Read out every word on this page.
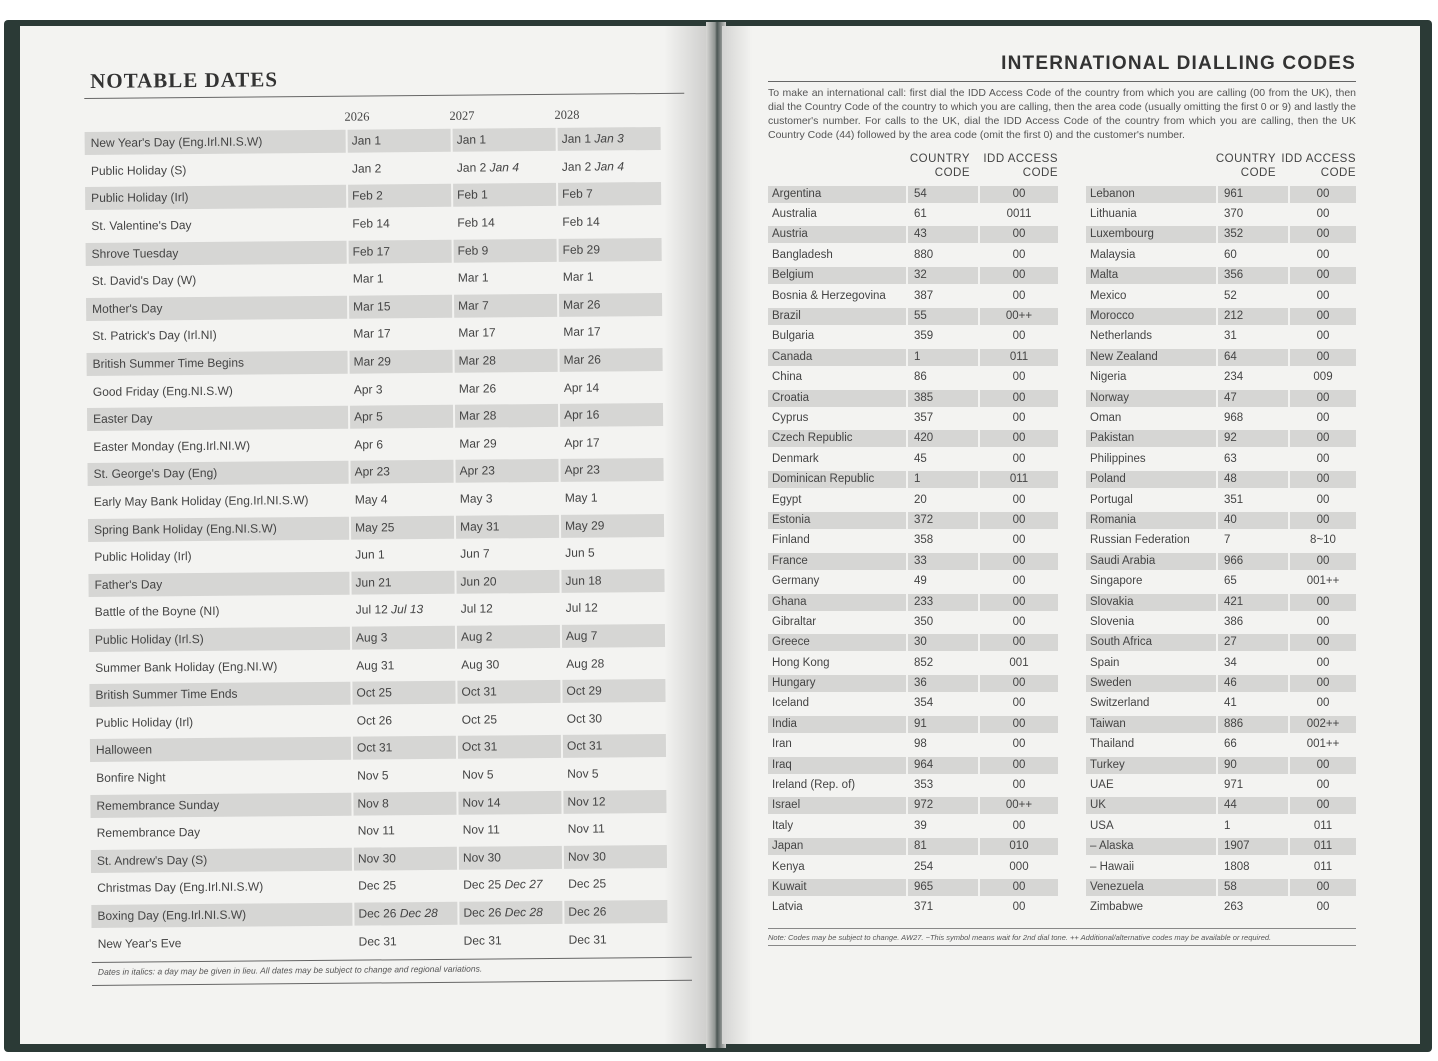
NOTABLE DATES
2026	2027	2028
New Year's Day (Eng.Irl.NI.S.W)	Jan 1	Jan 1	Jan 1 Jan 3
Public Holiday (S)	Jan 2	Jan 2 Jan 4	Jan 2 Jan 4
Public Holiday (Irl)	Feb 2	Feb 1	Feb 7
St. Valentine's Day	Feb 14	Feb 14	Feb 14
Shrove Tuesday	Feb 17	Feb 9	Feb 29
St. David's Day (W)	Mar 1	Mar 1	Mar 1
Mother's Day	Mar 15	Mar 7	Mar 26
St. Patrick's Day (Irl.NI)	Mar 17	Mar 17	Mar 17
British Summer Time Begins	Mar 29	Mar 28	Mar 26
Good Friday (Eng.NI.S.W)	Apr 3	Mar 26	Apr 14
Easter Day	Apr 5	Mar 28	Apr 16
Easter Monday (Eng.Irl.NI.W)	Apr 6	Mar 29	Apr 17
St. George's Day (Eng)	Apr 23	Apr 23	Apr 23
Early May Bank Holiday (Eng.Irl.NI.S.W)	May 4	May 3	May 1
Spring Bank Holiday (Eng.NI.S.W)	May 25	May 31	May 29
Public Holiday (Irl)	Jun 1	Jun 7	Jun 5
Father's Day	Jun 21	Jun 20	Jun 18
Battle of the Boyne (NI)	Jul 12 Jul 13	Jul 12	Jul 12
Public Holiday (Irl.S)	Aug 3	Aug 2	Aug 7
Summer Bank Holiday (Eng.NI.W)	Aug 31	Aug 30	Aug 28
British Summer Time Ends	Oct 25	Oct 31	Oct 29
Public Holiday (Irl)	Oct 26	Oct 25	Oct 30
Halloween	Oct 31	Oct 31	Oct 31
Bonfire Night	Nov 5	Nov 5	Nov 5
Remembrance Sunday	Nov 8	Nov 14	Nov 12
Remembrance Day	Nov 11	Nov 11	Nov 11
St. Andrew's Day (S)	Nov 30	Nov 30	Nov 30
Christmas Day (Eng.Irl.NI.S.W)	Dec 25	Dec 25 Dec 27	Dec 25
Boxing Day (Eng.Irl.NI.S.W)	Dec 26 Dec 28	Dec 26 Dec 28	Dec 26
New Year's Eve	Dec 31	Dec 31	Dec 31
Dates in italics: a day may be given in lieu. All dates may be subject to change and regional variations.
INTERNATIONAL DIALLING CODES

To make an international call: first dial the IDD Access Code of the country from which you are calling (00 from the UK), then dial the Country Code of the country to which you are calling, then the area code (usually omitting the first 0 or 9) and lastly the customer's number. For calls to the UK, dial the IDD Access Code of the country from which you are calling, then the UK Country Code (44) followed by the area code (omit the first 0) and the customer's number.

COUNTRY CODE
IDD ACCESS CODE
Argentina	54	00
Australia	61	0011
Austria	43	00
Bangladesh	880	00
Belgium	32	00
Bosnia & Herzegovina	387	00
Brazil	55	00++
Bulgaria	359	00
Canada	1	011
China	86	00
Croatia	385	00
Cyprus	357	00
Czech Republic	420	00
Denmark	45	00
Dominican Republic	1	011
Egypt	20	00
Estonia	372	00
Finland	358	00
France	33	00
Germany	49	00
Ghana	233	00
Gibraltar	350	00
Greece	30	00
Hong Kong	852	001
Hungary	36	00
Iceland	354	00
India	91	00
Iran	98	00
Iraq	964	00
Ireland (Rep. of)	353	00
Israel	972	00++
Italy	39	00
Japan	81	010
Kenya	254	000
Kuwait	965	00
Latvia	371	00
COUNTRY CODE
IDD ACCESS CODE
Lebanon	961	00
Lithuania	370	00
Luxembourg	352	00
Malaysia	60	00
Malta	356	00
Mexico	52	00
Morocco	212	00
Netherlands	31	00
New Zealand	64	00
Nigeria	234	009
Norway	47	00
Oman	968	00
Pakistan	92	00
Philippines	63	00
Poland	48	00
Portugal	351	00
Romania	40	00
Russian Federation	7	8~10
Saudi Arabia	966	00
Singapore	65	001++
Slovakia	421	00
Slovenia	386	00
South Africa	27	00
Spain	34	00
Sweden	46	00
Switzerland	41	00
Taiwan	886	002++
Thailand	66	001++
Turkey	90	00
UAE	971	00
UK	44	00
USA	1	011
– Alaska	1907	011
– Hawaii	1808	011
Venezuela	58	00
Zimbabwe	263	00
Note: Codes may be subject to change. AW27. ~This symbol means wait for 2nd dial tone. ++ Additional/alternative codes may be available or required.
